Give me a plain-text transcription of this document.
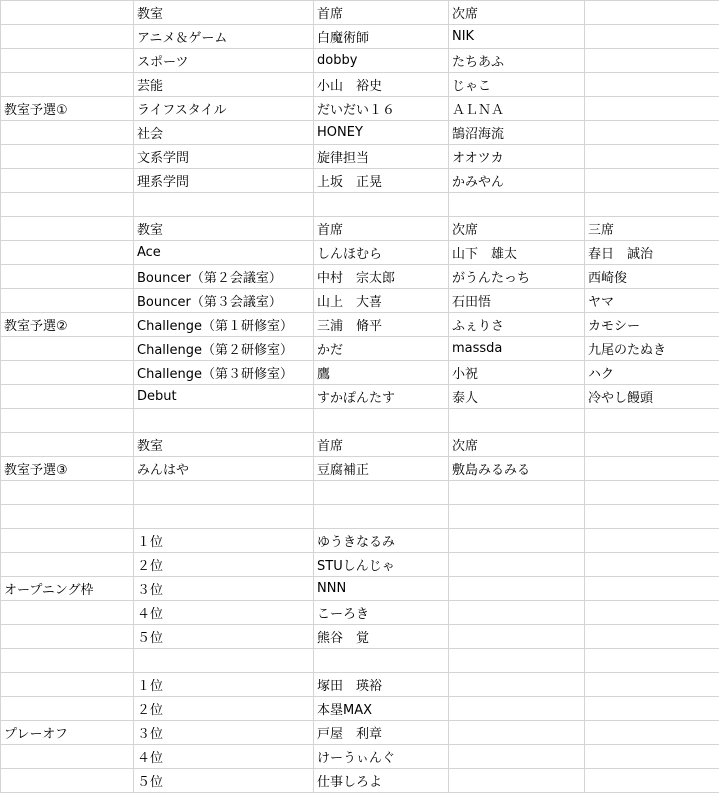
	教室	首席	次席		
	アニメ＆ゲーム	白魔術師	NIK		
	スポーツ	dobby	たちあふ		
	芸能	小山　裕史	じゃこ		
教室予選①	ライフスタイル	だいだい１６	ＡＬＮＡ		
	社会	HONEY	鵠沼海流		
	文系学問	旋律担当	オオツカ		
	理系学問	上坂　正晃	かみやん		

	教室	首席	次席	三席	
	Ace	しんほむら	山下　雄太	春日　誠治	
	Bouncer（第２会議室）	中村　宗太郎	がうんたっち	西崎俊	
	Bouncer（第３会議室）	山上　大喜	石田悟	ヤマ	
教室予選②	Challenge（第１研修室）	三浦　脩平	ふぇりさ	カモシー	
	Challenge（第２研修室）	かだ	massda	九尾のたぬき	
	Challenge（第３研修室）	鷹	小祝	ハク	
	Debut	すかぽんたす	泰人	冷やし饅頭	

	教室	首席	次席		
教室予選③	みんはや	豆腐補正	敷島みるみる		

	１位	ゆうきなるみ			
	２位	STUしんじゃ			
オープニング枠	３位	NNN			
	４位	こーろき			
	５位	熊谷　覚			

	１位	塚田　瑛裕			
	２位	本塁MAX			
プレーオフ	３位	戸屋　利章			
	４位	けーうぃんぐ			
	５位	仕事しろよ			
